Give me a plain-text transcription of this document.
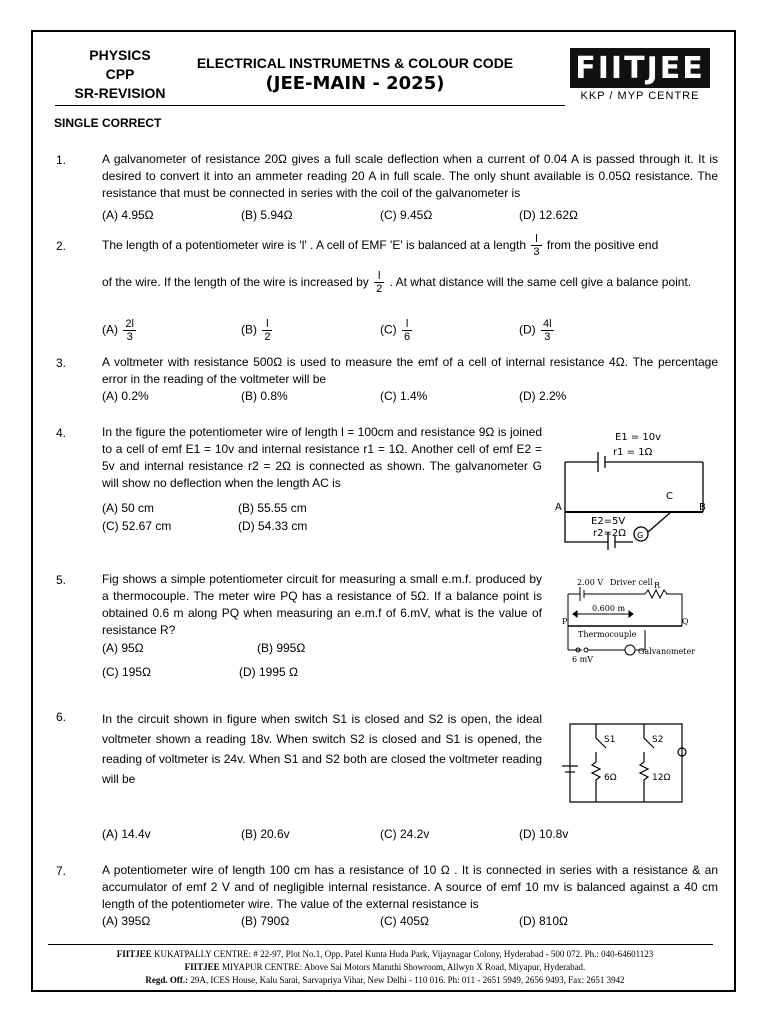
PHYSICS
CPP
SR-REVISION
ELECTRICAL INSTRUMETNS & COLOUR CODE
(JEE-MAIN - 2025)	FIITJEE
KKP / MYP CENTRE
SINGLE CORRECT
1.	A galvanometer of resistance 20Ω gives a full scale deflection when a current of 0.04 A is passed through it. It is desired to convert it into an ammeter reading 20 A in full scale. The only shunt available is 0.05Ω resistance. The resistance that must be connected in series with the coil of the galvanometer is
(A) 4.95Ω	(B) 5.94Ω	(C) 9.45Ω	(D) 12.62Ω
2.	The length of a potentiometer wire is 'l' . A cell of EMF 'E' is balanced at a length $\frac{l}{3}$ from the positive end
of the wire. If the length of the wire is increased by $\frac{l}{2}$ . At what distance will the same cell give a balance point.
$(A) \frac{2l}{3}$	$(B) \frac{l}{2}$	$(C) \frac{l}{6}$	$(D) \frac{4l}{3}$
3.	A voltmeter with resistance 500Ω is used to measure the emf of a cell of internal resistance 4Ω. The percentage error in the reading of the voltmeter will be
(A) 0.2%	(B) 0.8%	(C) 1.4%	(D) 2.2%
4.	In the figure the potentiometer wire of length l = 100cm and resistance 9Ω is joined to a cell of emf E1 = 10v and internal resistance r1 = 1Ω. Another cell of emf E2 = 5v and internal resistance r2 = 2Ω is connected as shown. The galvanometer G will show no deflection when the length AC is
(A) 50 cm	(B) 55.55 cm
(C) 52.67 cm	(D) 54.33 cm
E1 = 10v
r1 = 1Ω
A	B
C
E2=5V
r2=2Ω G
5.	Fig shows a simple potentiometer circuit for measuring a small e.m.f. produced by a thermocouple. The meter wire PQ has a resistance of 5Ω. If a balance point is obtained 0.6 m along PQ when measuring an e.m.f of 6.mV, what is the value of resistance R?
(A) 95Ω	(B) 995Ω
(C) 195Ω	(D) 1995 Ω
2.00 V Driver cell R
0.600 m
P	Q
Thermocouple
6 mV
Galvanometer
6.	In the circuit shown in figure when switch S1 is closed and S2 is open, the ideal voltmeter shown a reading 18v. When switch S2 is closed and S1 is opened, the reading of voltmeter is 24v. When S1 and S2 both are closed the voltmeter reading will be
(A) 14.4v	(B) 20.6v	(C) 24.2v	(D) 10.8v
S1	S2
6Ω	12Ω
7.	A potentiometer wire of length 100 cm has a resistance of 10 Ω . It is connected in series with a resistance & an accumulator of emf 2 V and of negligible internal resistance. A source of emf 10 mv is balanced against a 40 cm length of the potentiometer wire. The value of the external resistance is
(A) 395Ω	(B) 790Ω	(C) 405Ω	(D) 810Ω
FIITJEE KUKATPALLY CENTRE: # 22-97, Plot No.1, Opp. Patel Kunta Huda Park, Vijaynagar Colony, Hyderabad - 500 072. Ph.: 040-64601123
FIITJEE MIYAPUR CENTRE: Above Sai Motors Maruthi Showroom, Allwyn X Road, Miyapur, Hyderabad.
Regd. Off.: 29A, ICES House, Kalu Sarai, Sarvapriya Vihar, New Delhi - 110 016. Ph: 011 - 2651 5949, 2656 9493, Fax: 2651 3942
